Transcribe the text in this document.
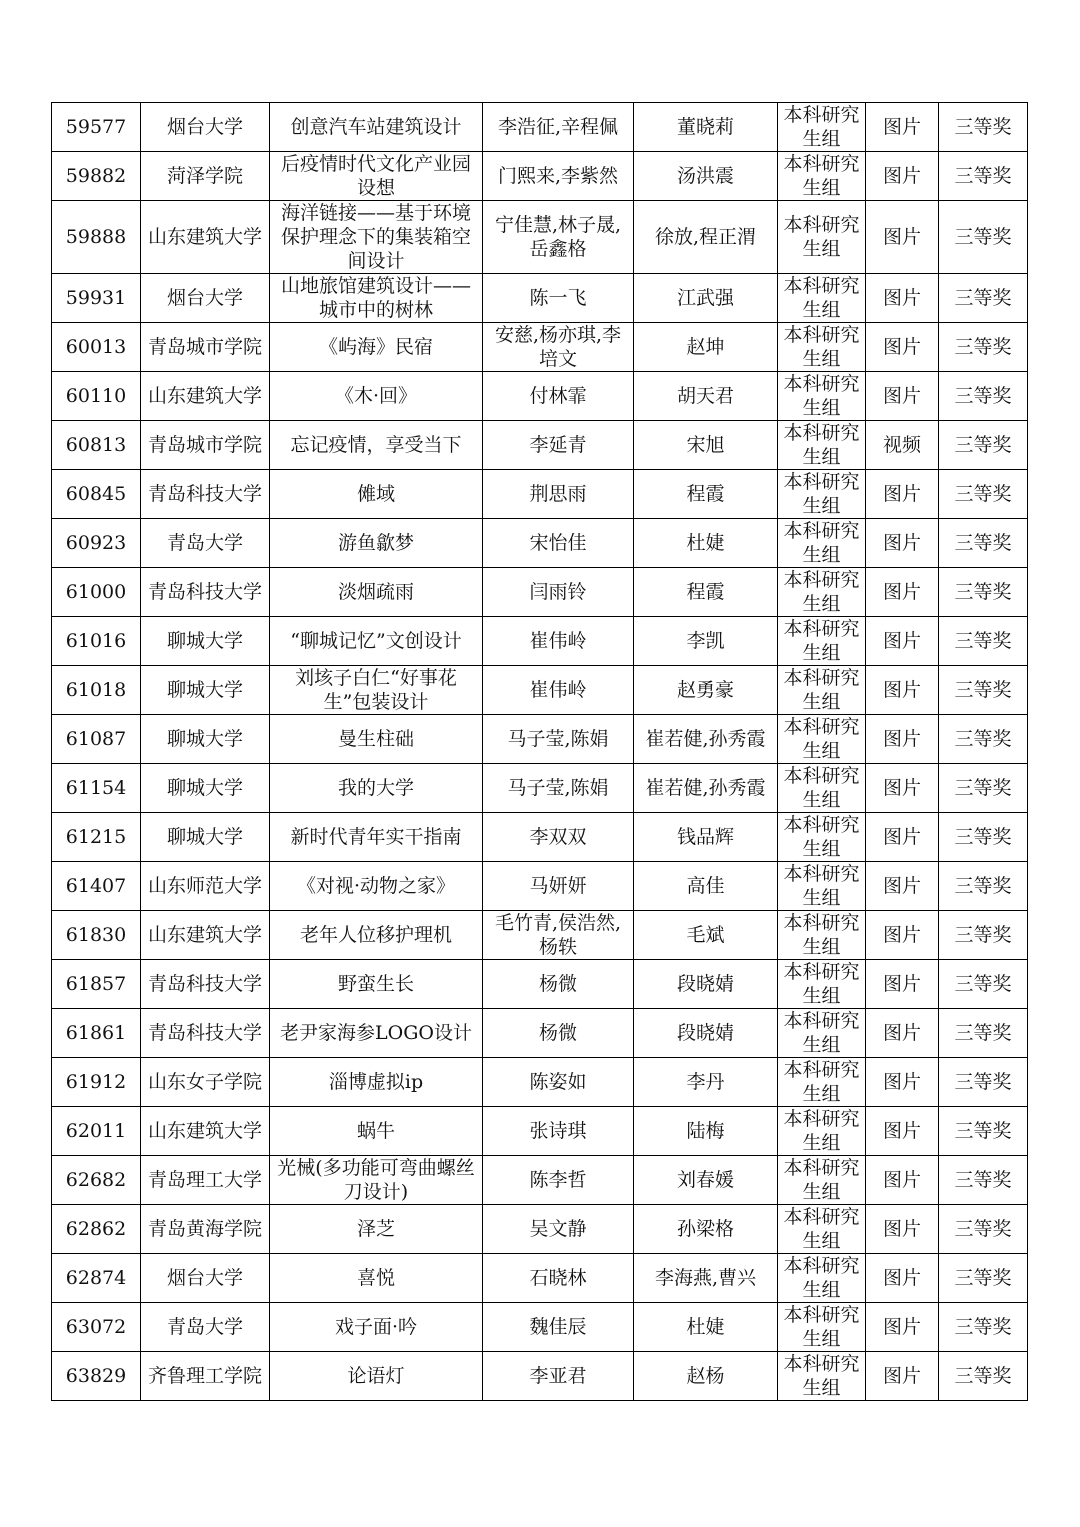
59577	烟台大学	创意汽车站建筑设计	李浩征,辛程佩	董晓莉	本科研究生组	图片	三等奖
59882	菏泽学院	后疫情时代文化产业园设想	门熙来,李紫然	汤洪震	本科研究生组	图片	三等奖
59888	山东建筑大学	海洋链接——基于环境保护理念下的集装箱空间设计	宁佳慧,林子晟,岳鑫格	徐放,程正渭	本科研究生组	图片	三等奖
59931	烟台大学	山地旅馆建筑设计——城市中的树林	陈一飞	江武强	本科研究生组	图片	三等奖
60013	青岛城市学院	《屿海》民宿	安慈,杨亦琪,李培文	赵坤	本科研究生组	图片	三等奖
60110	山东建筑大学	《木·回》	付林霏	胡天君	本科研究生组	图片	三等奖
60813	青岛城市学院	忘记疫情，享受当下	李延青	宋旭	本科研究生组	视频	三等奖
60845	青岛科技大学	傩域	荆思雨	程霞	本科研究生组	图片	三等奖
60923	青岛大学	游鱼歙梦	宋怡佳	杜婕	本科研究生组	图片	三等奖
61000	青岛科技大学	淡烟疏雨	闫雨铃	程霞	本科研究生组	图片	三等奖
61016	聊城大学	“聊城记忆”文创设计	崔伟岭	李凯	本科研究生组	图片	三等奖
61018	聊城大学	刘垓子白仁“好事花生”包装设计	崔伟岭	赵勇豪	本科研究生组	图片	三等奖
61087	聊城大学	曼生柱础	马子莹,陈娟	崔若健,孙秀霞	本科研究生组	图片	三等奖
61154	聊城大学	我的大学	马子莹,陈娟	崔若健,孙秀霞	本科研究生组	图片	三等奖
61215	聊城大学	新时代青年实干指南	李双双	钱品辉	本科研究生组	图片	三等奖
61407	山东师范大学	《对视·动物之家》	马妍妍	高佳	本科研究生组	图片	三等奖
61830	山东建筑大学	老年人位移护理机	毛竹青,侯浩然,杨轶	毛斌	本科研究生组	图片	三等奖
61857	青岛科技大学	野蛮生长	杨微	段晓婧	本科研究生组	图片	三等奖
61861	青岛科技大学	老尹家海参LOGO设计	杨微	段晓婧	本科研究生组	图片	三等奖
61912	山东女子学院	淄博虚拟ip	陈姿如	李丹	本科研究生组	图片	三等奖
62011	山东建筑大学	蜗牛	张诗琪	陆梅	本科研究生组	图片	三等奖
62682	青岛理工大学	光械(多功能可弯曲螺丝刀设计)	陈李哲	刘春媛	本科研究生组	图片	三等奖
62862	青岛黄海学院	泽芝	吴文静	孙梁格	本科研究生组	图片	三等奖
62874	烟台大学	喜悦	石晓林	李海燕,曹兴	本科研究生组	图片	三等奖
63072	青岛大学	戏子面·吟	魏佳辰	杜婕	本科研究生组	图片	三等奖
63829	齐鲁理工学院	论语灯	李亚君	赵杨	本科研究生组	图片	三等奖
